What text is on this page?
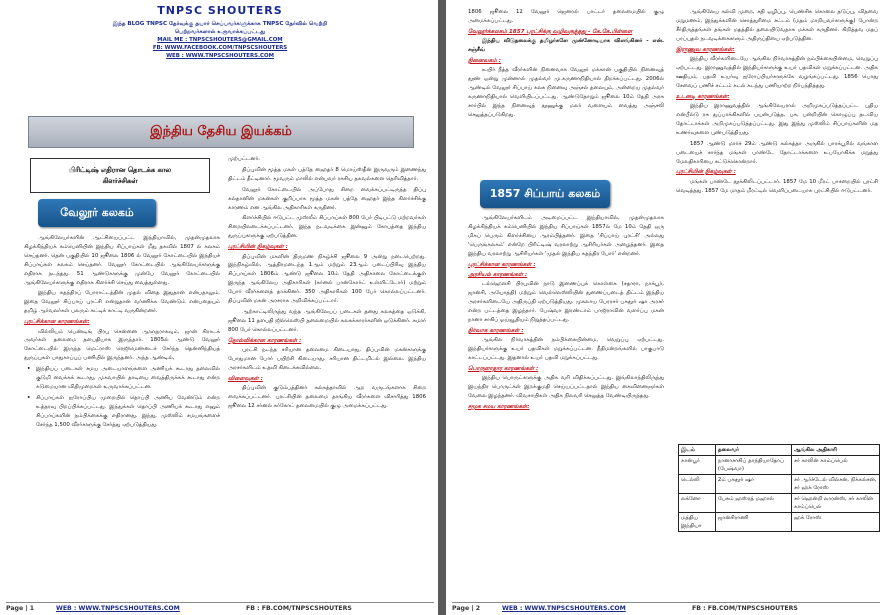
TNPSC SHOUTERS
இந்த BLOG TNPSC தேர்வுக்கு தயார் செய்பவர்களுக்காக TNPSC தேர்வில் வெற்றி
பெற்றவர்களால் உருவாக்கப்பட்டது
MAIL ME : TNPSCSHOUTERS@GMAIL.COM
FB: WWW.FACEBOOK.COM/TNPSCSHOUTERS
WEB : WWW.TNPSCSHOUTERS.COM
இந்திய தேசிய இயக்கம்
பிரிட்டிஷ் எதிரான தொடக்க கால
கிளர்ச்சிகள்
வேலூர் கலகம்

ஆங்கிலேயர்களின் ஆட்சியைப்பட்ட இந்தியாவில், முதன்முதலாக கிழக்கிந்தியக் கம்பெனியின் இந்திய சிப்பாய்கள் மீது தகவில் 1807 ல் கலகம் செய்தனர். தென் பகுதியில் 10 ஜூலை 1806 ல் வேலூர் கோட்டையில் இந்தியச் சிப்பாய்கள் கலகம் செய்தனர். வேலூர் கோட்டையில் ஆங்கிலேயர்களுக்கு எதிராக நடந்தது. 51 ஆண்டுகளுக்கு முன்பே வேலூர் கோட்டையில் ஆங்கிலேயர்களுக்கு எதிராக கிளர்ச்சி செய்து வைத்துள்ளது.

இந்திய சுதந்திரப் போராட்டத்தின் முதல் விதை இதுதான் என்பதாலும், இதை வேலூர் சிப்பாய் புரட்சி என்றுதான் வர்ணிக்க வேண்டும் என்பதையும் தமிழ் ஆர்வலர்கள் பலரும் சுட்டிக் காட்டி வருகின்றனர்.

புரட்சிக்கான காரணங்கள்:

வில்லியம் பெண்டிங் பிரபு சென்னை ஆளுநராகவும், ஜான் கிராடக் அவர்கள் தலைமை தளபதியாக இருந்தார். 1805ல் ஆண்டு வேலூர் கோட்டையில் இருந்த மெட்ராஸ் ரெஜிமெண்டைச் சேர்ந்த தென்னிந்தியத் துருப்புகள் பாதுகாப்புப் பணியில் இருந்தனர். அந்த ஆண்டில்,

• இந்தியப் படைகள் சமய அடையாளங்களை அணியக் கூடாது தலைவில் குடுமி வைக்கக் கூடாது, முகவாயில் தாடியை வைத்திருக்கக் கூடாது என்ற கடுமையான விதிமுறைகள் உருவாக்கப்பட்டன.
• சிப்பாய்கள் ஐரோப்பிய முறையில் தொப்பி அணிய வேண்டும் என்ற உத்தரவு பிறப்பிக்கப்பட்டது. இந்துக்கள் தொப்பி அணியக் கூடாது எனும் சிப்பாய்களின் நம்பிக்கைக்கு எதிரானது. இந்து, முஸ்லிம் சமயங்களைச் சேர்ந்த 1,500 வீரர்களுக்கு சேர்த்து ஏற்படுத்தியது.

முற்பட்டனர்.

திப்புவின் மூத்த மகள் பத்தே ஹைதர் 8 மொய்ஸ்தீன் இருவரும் இணைந்து திட்டம் தீட்டினார். மூவரும் மாலில் என்பவர் ரகசிய தகவல்களை தெரிவித்தார்.

வேலூர் கோட்டையில் அப்போது சிறை வைக்கப்பட்டிருந்த திப்பு சுல்தானின் மகன்கள் குறிப்பாக மூத்த மகன் பத்தே ஹைதர் இந்த கிளர்ச்சிக்கு காரணம் என ஆங்கில அதிகாரிகள் கருதினர்.

கிளர்ச்சியில் ஈடுபட்ட முஸ்லீம் சிப்பாய்கள் 800 பேர் பிடிபட்டு மற்றவர்கள் சிறையிலடைக்கப்பட்டனர். இந்த நடவடிக்கை இன்னும் கோபத்தை இந்திய துருப்புகளுக்கு ஏற்படுத்தின.

புரட்சியின் நிகழ்வுகள் :

திப்புவின் மகளின் திருமண நிகழ்ச்சி ஜூலை 9 அன்று நடைபெற்றது. இந்நிகழ்வில், ஆத்திரமடைந்த 1ஆம் மற்றும் 23ஆம் படைப்பிரிவு இந்திய சிப்பாய்கள் 1806ம் ஆண்டு ஜூலை 10ம் தேதி அதிகாலை கோட்டைக்குள் இருந்த ஆங்கிலேய அதிகாரிகள் (கர்னல் பான்கோர்ட் உள்ளிட்டோர்) மற்றும் போர் வீரர்களைத் தாக்கினர். 350 அதிகாரிகள் 100 பேர் கொல்லப்பட்டனர். திப்புவின் மகன் அரசராக அறிவிக்கப்பட்டார்.

ஆற்காட்டிலிருந்து வந்த ஆங்கிலேயப் படைகள் தனது கலகத்தை ஒடுக்கி, ஜூலை 11 தளபதி ஜில்லெஸ்பி தலைமையில் கலகக்காரர்களின் ஒடுக்கினர். சுமார் 800 பேர் கொல்லப்பட்டனர்.

தோல்விக்கான காரணங்கள் :

புரட்சி நடந்த சரியான தலைமை கிடையாது, திப்புவின் மகன்களுக்கு போதுமான போர் பயிற்சி கிடையாது. சரியான திட்டமிடல் இல்லை. இந்திய அரசர்களிடம் உதவி கிடைக்கவில்லை.

விளைவுகள் :

திப்புவின் குடும்பத்தினர் கல்கத்தாவில் ஆற வருடங்களாக சிறை வைக்கப்பட்டனர். புரட்சியின் தலைமை தாங்கிய வீரர்களை விசாரித்து 1806 ஜூலை 12 சர்னல் கர்கோட் தலைமையில் குழு அமைக்கப்பட்டது.

Page | 1	WEB : WWW.TNPSCSHOUTERS.COM	FB : FB.COM/TNPSCSHOUTERS

1806 ஜூலை 12 வேலூர் ஜெனரல் பாட்டர் தலைமையில் குழு அமைக்கப்பட்டது.

வேலூர்க்கலகம் 1857 புரட்சிக்கு வழிவகுத்தது - கே.கே.பிள்ளை

இந்திய விடுதலைக்கு தமிழர்களே முன்னோடியாக விளங்கினர் - என். சஞ்சீவ்

நினைவகம் :

உயிர் நீத்த வீரர்களின் நினைவாக வேலூர் மக்கான் பகுதியில் நினைவுத் தூண் ஒன்று முன்னால் முதல்வர் மு.கருணாநிதியால் திறக்கப்பட்டது. 2006ல் ஆண்டில் வேலூர் சிப்பாய் கலக நினைவு அஞ்சல் தலையும், அன்றைய முதல்வர் கருணாநிதியால் வெளியிடப்பட்டது. ஆண்டுதோறும் ஜூலை 10ம் தேதி அரசு சார்பில் இந்த நினைவுத் தூணுக்கு மலர் வளையம் வைத்து அஞ்சலி செலுத்தப்படுகிறது.

1857 சிப்பாய் கலகம்

ஆங்கிலேயர்களிடம் அடிமைப்பட்ட இந்தியாவில், முதன்முதலாக கிழக்கிந்தியக் கம்பெனியில் இந்திய சிப்பாய்கள் 1857ல் மே 10ம் தேதி ஒரு மிகப் பெரும் கிளர்ச்சியை ஆரம்பித்தனர். இதை 'சிப்பாய் புரட்சி' அல்லது 'பெருங்கலகம்' என்றே பிரிட்டிஷ் வரலாற்று ஆசிரியர்கள் அழைத்தனர். இதை இந்திய வரலாற்று ஆசிரியர்கள் 'முதல் இந்திய சுதந்திர போர்' என்றனர்.

புரட்சிக்கான காரணங்கள் :
அரசியல் காரணங்கள் :

டல்ஹௌசி பிரபுவின் நாடு இணைப்புக் கொள்கை (சதாரா, நாக்பூர், ஜான்சி, அயோத்தி) மற்றும் வெல்லெஸ்லியின் துணைப்படைத் திட்டம் இந்திய அரசர்களிடையே அதிருப்தி ஏற்படுத்தியது. முகலாய பேரரசர் பகதூர் ஷா அரசர் என்ற பட்டத்தை இழந்தார். பேஷ்வா இரண்டாம் பாஜிராவின் வளர்ப்பு மகன் நானா சாகிப் ஓய்வூதியம் நிறுத்தப்பட்டது.

நிர்வாக காரணங்கள் :

ஆங்கில நிர்வாகத்தின் நம்பிக்கையின்மை, வெறுப்பு ஏற்பட்டது. இந்தியர்களுக்கு உயர் பதவிகள் மறுக்கப்பட்டன. நீதிமன்றங்களில் பாகுபாடு காட்டப்பட்டது. இதனால் உயர் பதவி மறுக்கப்பட்டது.

பொருளாதார காரணங்கள் :

இந்திய பொருட்களுக்கு அதிக வரி விதிக்கப்பட்டது. இங்கிலாந்திலிருந்து இயந்திர பொருட்கள் இறக்குமதி செய்யப்பட்டதால் இந்திய கைவினைஞர்கள் வேலை இழந்தனர். விவசாயிகள் அதிக நிலவரி செலுத்த வேண்டியிருந்தது.

சமூக சமய காரணங்கள்:

ஆங்கிலேய கல்வி முறை, சதி ஒழிப்பு, பெண்சிசு கொலை தடுப்பு, விதவை மறுமணம், இந்துக்களின் சொத்துரிமை சட்டம் (மதம் மாறியவர்களுக்கு) போன்ற சீர்திருத்தங்கள் தங்கள் மதத்தில் தலையிடுவதாக மக்கள் கருதினர். கிறித்தவ மதப் பரப்புதல் நடவடிக்கைகளும் அதிருப்தியை ஏற்படுத்தின.

இராணுவ காரணங்கள்:

இந்திய வீரர்களிடையே ஆங்கில நிர்வாகத்தின் நம்பிக்கையின்மை, வெறுப்பு ஏற்பட்டது. இராணுவத்தில் இந்தியர்களுக்கு உயர் பதவிகள் மறுக்கப்பட்டன. அதிக ஊதியம், பதவி உயர்வு ஐரோப்பியர்களுக்கே வழங்கப்பட்டது. 1856 பொது சேவைப் பணிச் சட்டம் கடல் கடந்து பணியாற்ற நிர்பந்தித்தது.

உடனடி காரணங்கள்:

இந்திய இராணுவத்தில் ஆங்கிலேயரால் அறிமுகப்படுத்தப்பட்ட புதிய என்பீல்டு ரக துப்பாக்கிகளில் பயன்படுத்த, பசு, பன்றியின் கொழுப்பு தடவிய தோட்டாக்கள் அறிமுகப்படுத்தப்பட்டது. இது இந்து முஸ்லிம் சிப்பாய்களின் மத உணர்வுகளை புண்படுத்தியது.

1857 ஆண்டு மார்ச் 29ம் ஆண்டு கல்கத்தா அருகில் பாரக்பூரில் வங்காள படையைச் சார்ந்த மங்கள் பாண்டே தோட்டாக்களை உபயோகிக்க மறுத்து மேலதிகாரியை சுட்டுக்கொன்றார்.

புரட்சியின் நிகழ்வுகள் :

மங்கள் பாண்டே தூக்கிலிடப்பட்டார். 1857 மே 10 மீரட் பாசறையில் புரட்சி வெடித்தது. 1857 மே மாதம் மீரட்டில் வெளிப்படையாக புரட்சியில் ஈடுபட்டனர்.

இடம்	தலைவர்	ஆங்கில அதிகாரி
கான்பூர்	நானாசாகிப் தாந்தியாதோப் (பேஷ்வா)	சர் காலின் காம்ப்பெல்
டெல்லி	2ம் பகதூர் ஷா	சர் ஆர்ச்டேல் வில்சன், நிக்கல்சன், சர் ஹக் ரோஸ்
லக்னோ	பேகம் ஹஸ்ரத் மஹால்	சர் ஹென்றி லாரன்ஸ், சர் காலின் காம்ப்பெல்
மத்திய இந்தியா	ஜான்சிராணி	ஹக் ரோஸ்
Page | 2	WEB : WWW.TNPSCSHOUTERS.COM	FB : FB.COM/TNPSCSHOUTERS
